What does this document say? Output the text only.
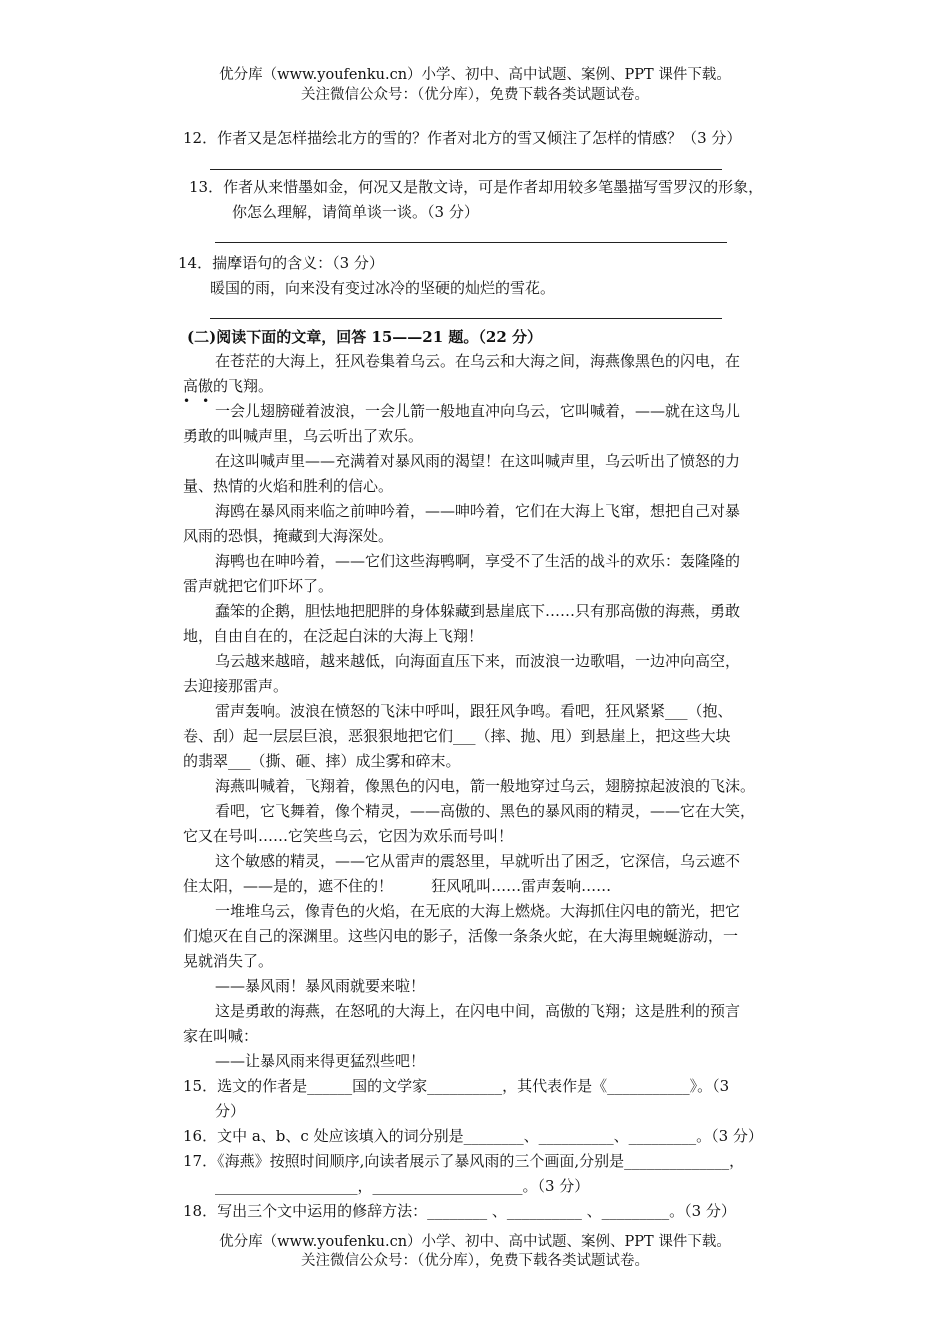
优分库（www.youfenku.cn）小学、初中、高中试题、案例、PPT 课件下载。
关注微信公众号：（优分库），免费下载各类试题试卷。
12．作者又是怎样描绘北方的雪的？作者对北方的雪又倾注了怎样的情感？（3 分）
13．作者从来惜墨如金，何况又是散文诗，可是作者却用较多笔墨描写雪罗汉的形象，
你怎么理解，请简单谈一谈。（3 分）
14．揣摩语句的含义：（3 分）
暖国的雨，向来没有变过冰冷的坚硬的灿烂的雪花。
(二)阅读下面的文章，回答 15——21 题。（22 分）
在苍茫的大海上，狂风卷集着乌云。在乌云和大海之间，海燕像黑色的闪电，在
高傲的飞翔。
••
一会儿翅膀碰着波浪，一会儿箭一般地直冲向乌云，它叫喊着，——就在这鸟儿
勇敢的叫喊声里，乌云听出了欢乐。
在这叫喊声里——充满着对暴风雨的渴望！在这叫喊声里，乌云听出了愤怒的力
量、热情的火焰和胜利的信心。
海鸥在暴风雨来临之前呻吟着，——呻吟着，它们在大海上飞窜，想把自己对暴
风雨的恐惧，掩藏到大海深处。
海鸭也在呻吟着，——它们这些海鸭啊，享受不了生活的战斗的欢乐：轰隆隆的
雷声就把它们吓坏了。
蠢笨的企鹅，胆怯地把肥胖的身体躲藏到悬崖底下……只有那高傲的海燕，勇敢
地，自由自在的，在泛起白沫的大海上飞翔！
乌云越来越暗，越来越低，向海面直压下来，而波浪一边歌唱，一边冲向高空，
去迎接那雷声。
雷声轰响。波浪在愤怒的飞沫中呼叫，跟狂风争鸣。看吧，狂风紧紧___（抱、
卷、刮）起一层层巨浪，恶狠狠地把它们___（摔、抛、甩）到悬崖上，把这些大块
的翡翠___（撕、砸、摔）成尘雾和碎末。
海燕叫喊着，飞翔着，像黑色的闪电，箭一般地穿过乌云，翅膀掠起波浪的飞沫。
看吧，它飞舞着，像个精灵，——高傲的、黑色的暴风雨的精灵，——它在大笑，
它又在号叫……它笑些乌云，它因为欢乐而号叫！
这个敏感的精灵，——它从雷声的震怒里，早就听出了困乏，它深信，乌云遮不
住太阳，——是的，遮不住的！        狂风吼叫……雷声轰响……
一堆堆乌云，像青色的火焰，在无底的大海上燃烧。大海抓住闪电的箭光，把它
们熄灭在自己的深渊里。这些闪电的影子，活像一条条火蛇，在大海里蜿蜒游动，一
晃就消失了。
——暴风雨！暴风雨就要来啦！
这是勇敢的海燕，在怒吼的大海上，在闪电中间，高傲的飞翔；这是胜利的预言
家在叫喊：
——让暴风雨来得更猛烈些吧！
15．选文的作者是______国的文学家__________，其代表作是《___________》。（3
分）
16．文中 a、b、c 处应该填入的词分别是________、__________、_________。（3 分）
17．《海燕》按照时间顺序,向读者展示了暴风雨的三个画面,分别是______________，
___________________，____________________。（3 分）
18．写出三个文中运用的修辞方法：________ 、__________ 、_________。（3 分）
优分库（www.youfenku.cn）小学、初中、高中试题、案例、PPT 课件下载。
关注微信公众号：（优分库），免费下载各类试题试卷。
